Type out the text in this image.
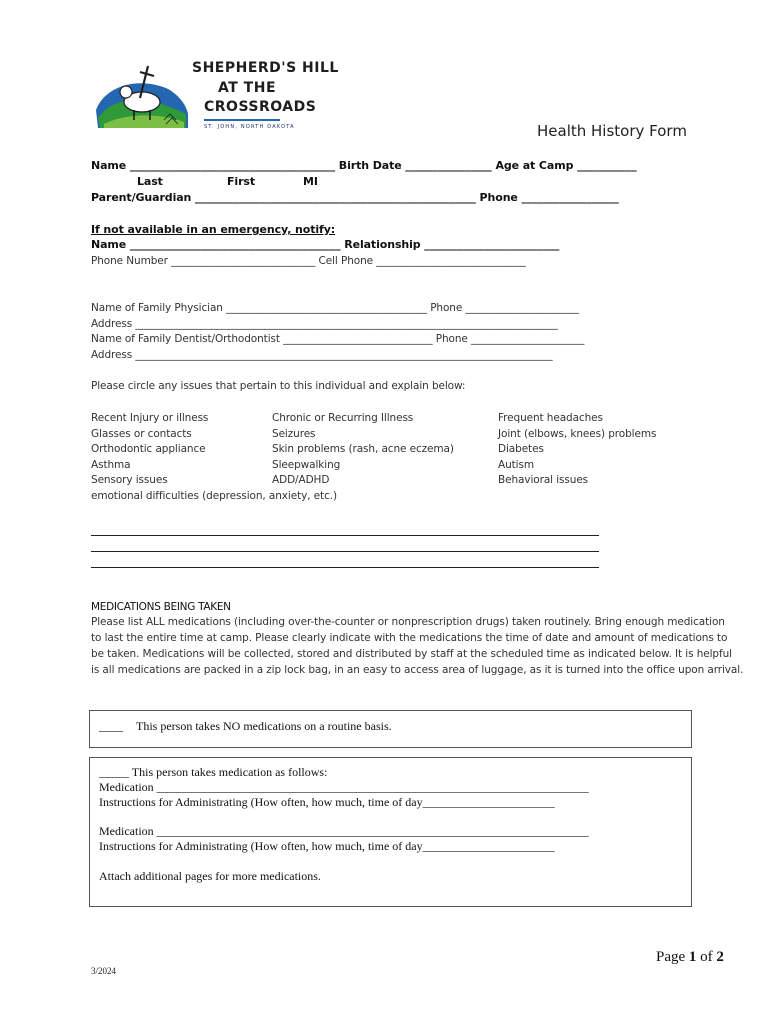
SHEPHERD'S HILL
AT THE
CROSSROADS
ST. JOHN, NORTH DAKOTA	Health History Form
Name ______________________________________ Birth Date ________________ Age at Camp ___________
Last	First	MI
Parent/Guardian ____________________________________________________ Phone __________________
If not available in an emergency, notify:
Name _______________________________________ Relationship _________________________
Phone Number ____________________________ Cell Phone _____________________________
Name of Family Physician _______________________________________ Phone ______________________
Address __________________________________________________________________________________
Name of Family Dentist/Orthodontist _____________________________ Phone ______________________
Address _________________________________________________________________________________
Please circle any issues that pertain to this individual and explain below:
Recent Injury or illness
Glasses or contacts
Orthodontic appliance
Asthma
Sensory issues
emotional difficulties (depression, anxiety, etc.)
Chronic or Recurring Illness
Seizures
Skin problems (rash, acne eczema)
Sleepwalking
ADD/ADHD
Frequent headaches
Joint (elbows, knees) problems
Diabetes
Autism
Behavioral issues
MEDICATIONS BEING TAKEN
Please list ALL medications (including over-the-counter or nonprescription drugs) taken routinely. Bring enough medication
to last the entire time at camp. Please clearly indicate with the medications the time of date and amount of medications to
be taken. Medications will be collected, stored and distributed by staff at the scheduled time as indicated below. It is helpful
is all medications are packed in a zip lock bag, in an easy to access area of luggage, as it is turned into the office upon arrival.
____ This person takes NO medications on a routine basis.
_____ This person takes medication as follows:
Medication ________________________________________________________________________
Instructions for Administrating (How often, how much, time of day______________________
Medication ________________________________________________________________________
Instructions for Administrating (How often, how much, time of day______________________
Attach additional pages for more medications.
Page 1 of 2
3/2024
